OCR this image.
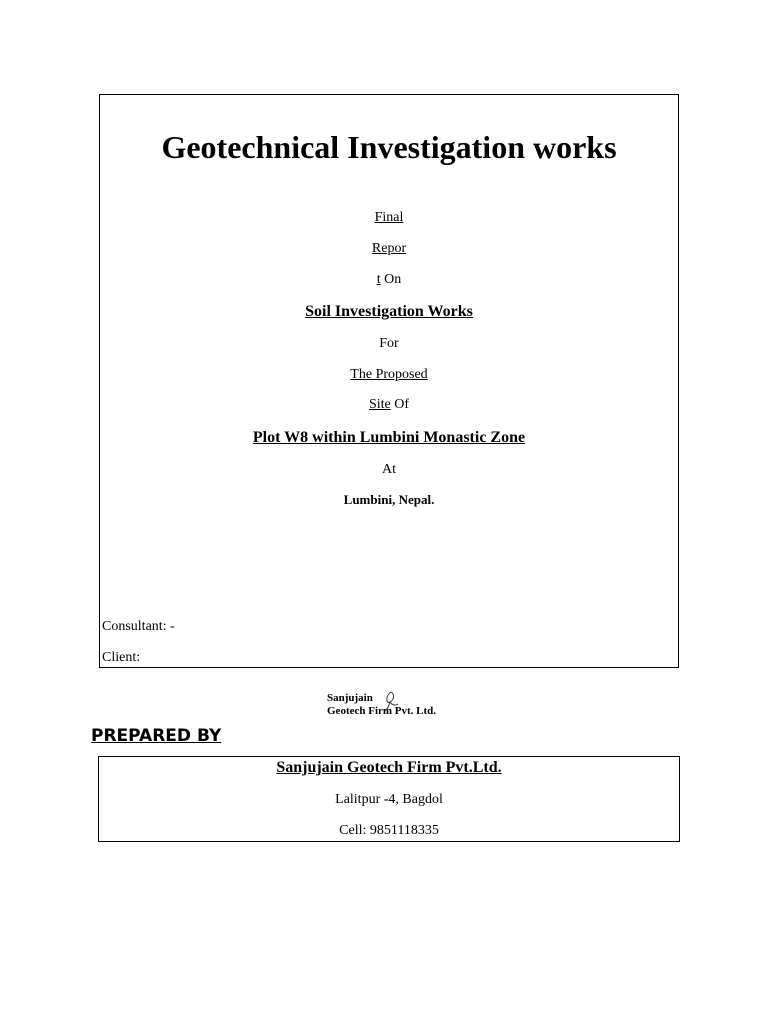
Geotechnical Investigation works
Final
Repor
t On
Soil Investigation Works
For
The Proposed
Site Of
Plot W8 within Lumbini Monastic Zone
At
Lumbini, Nepal.
Consultant: -
Client:
Sanjujain
Geotech Firm Pvt. Ltd.
PREPARED BY
Sanjujain Geotech Firm Pvt.Ltd.
Lalitpur -4, Bagdol
Cell: 9851118335
